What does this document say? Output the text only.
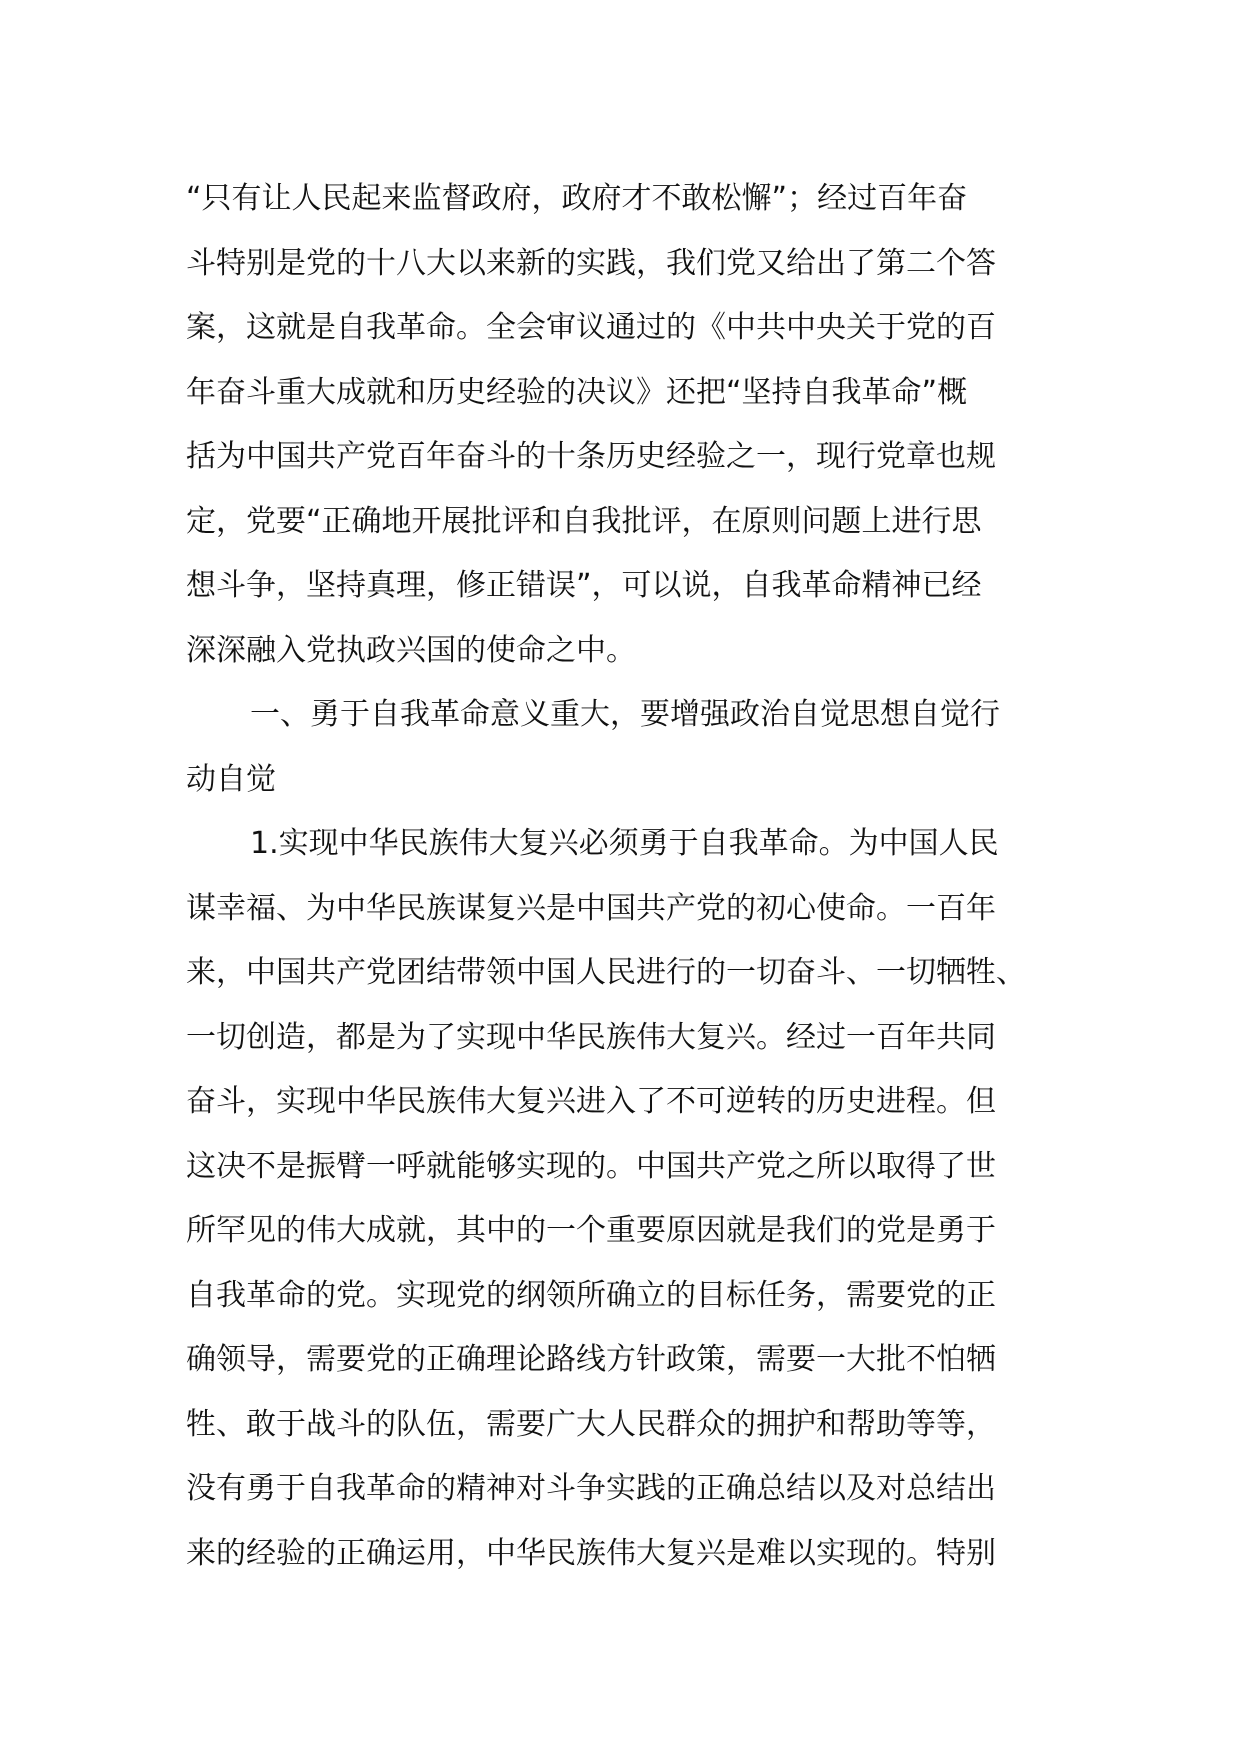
“只有让人民起来监督政府，政府才不敢松懈”；经过百年奋
斗特别是党的十八大以来新的实践，我们党又给出了第二个答
案，这就是自我革命。全会审议通过的《中共中央关于党的百
年奋斗重大成就和历史经验的决议》还把“坚持自我革命”概
括为中国共产党百年奋斗的十条历史经验之一，现行党章也规
定，党要“正确地开展批评和自我批评，在原则问题上进行思
想斗争，坚持真理，修正错误”，可以说，自我革命精神已经
深深融入党执政兴国的使命之中。
一、勇于自我革命意义重大，要增强政治自觉思想自觉行
动自觉
1.实现中华民族伟大复兴必须勇于自我革命。为中国人民
谋幸福、为中华民族谋复兴是中国共产党的初心使命。一百年
来，中国共产党团结带领中国人民进行的一切奋斗、一切牺牲、
一切创造，都是为了实现中华民族伟大复兴。经过一百年共同
奋斗，实现中华民族伟大复兴进入了不可逆转的历史进程。但
这决不是振臂一呼就能够实现的。中国共产党之所以取得了世
所罕见的伟大成就，其中的一个重要原因就是我们的党是勇于
自我革命的党。实现党的纲领所确立的目标任务，需要党的正
确领导，需要党的正确理论路线方针政策，需要一大批不怕牺
牲、敢于战斗的队伍，需要广大人民群众的拥护和帮助等等，
没有勇于自我革命的精神对斗争实践的正确总结以及对总结出
来的经验的正确运用，中华民族伟大复兴是难以实现的。特别
